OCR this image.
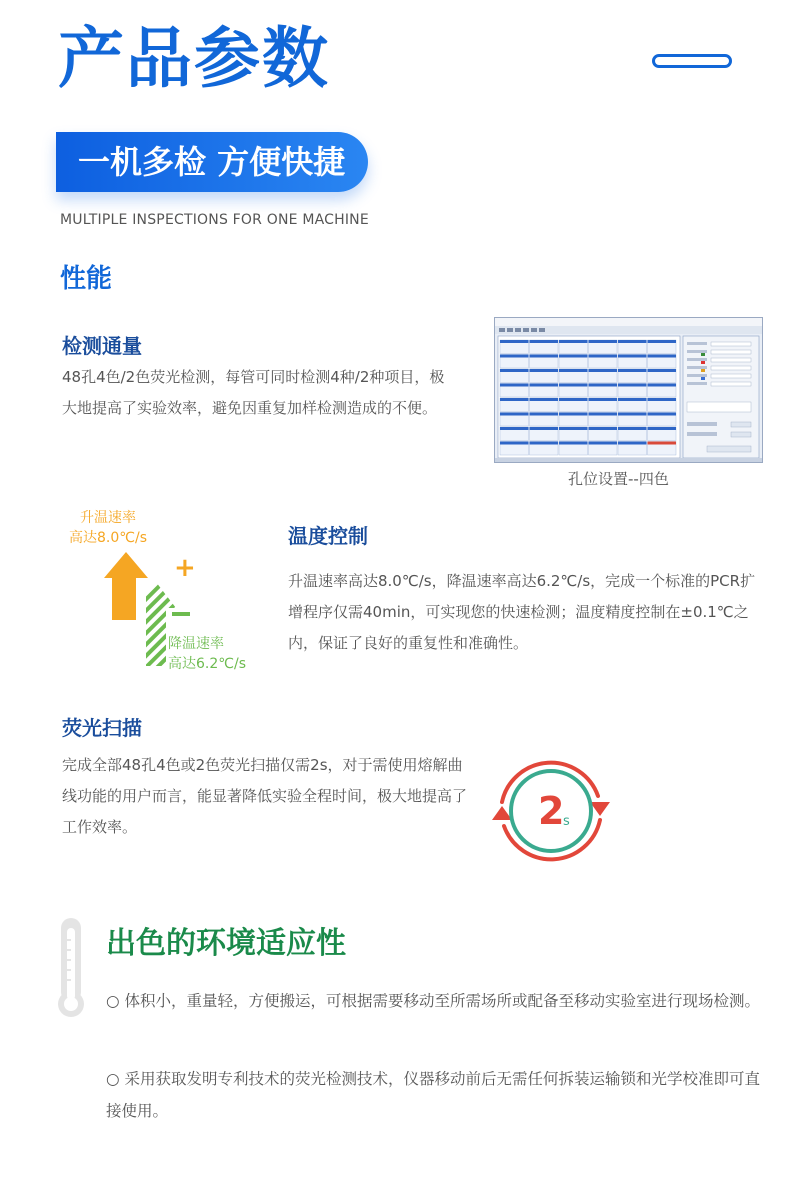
产品参数
一机多检 方便快捷
MULTIPLE INSPECTIONS FOR ONE MACHINE
性能
检测通量
48孔4色/2色荧光检测，每管可同时检测4种/2种项目，极大地提高了实验效率，避免因重复加样检测造成的不便。
孔位设置--四色
升温速率
高达8.0℃/s
+
降温速率
高达6.2℃/s
温度控制
升温速率高达8.0℃/s，降温速率高达6.2℃/s，完成一个标准的PCR扩增程序仅需40min，可实现您的快速检测；温度精度控制在±0.1℃之内，保证了良好的重复性和准确性。
荧光扫描
完成全部48孔4色或2色荧光扫描仅需2s，对于需使用熔解曲线功能的用户而言，能显著降低实验全程时间，极大地提高了工作效率。	2
s
出色的环境适应性
○ 体积小，重量轻，方便搬运，可根据需要移动至所需场所或配备至移动实验室进行现场检测。
○ 采用获取发明专利技术的荧光检测技术，仪器移动前后无需任何拆装运输锁和光学校准即可直接使用。
